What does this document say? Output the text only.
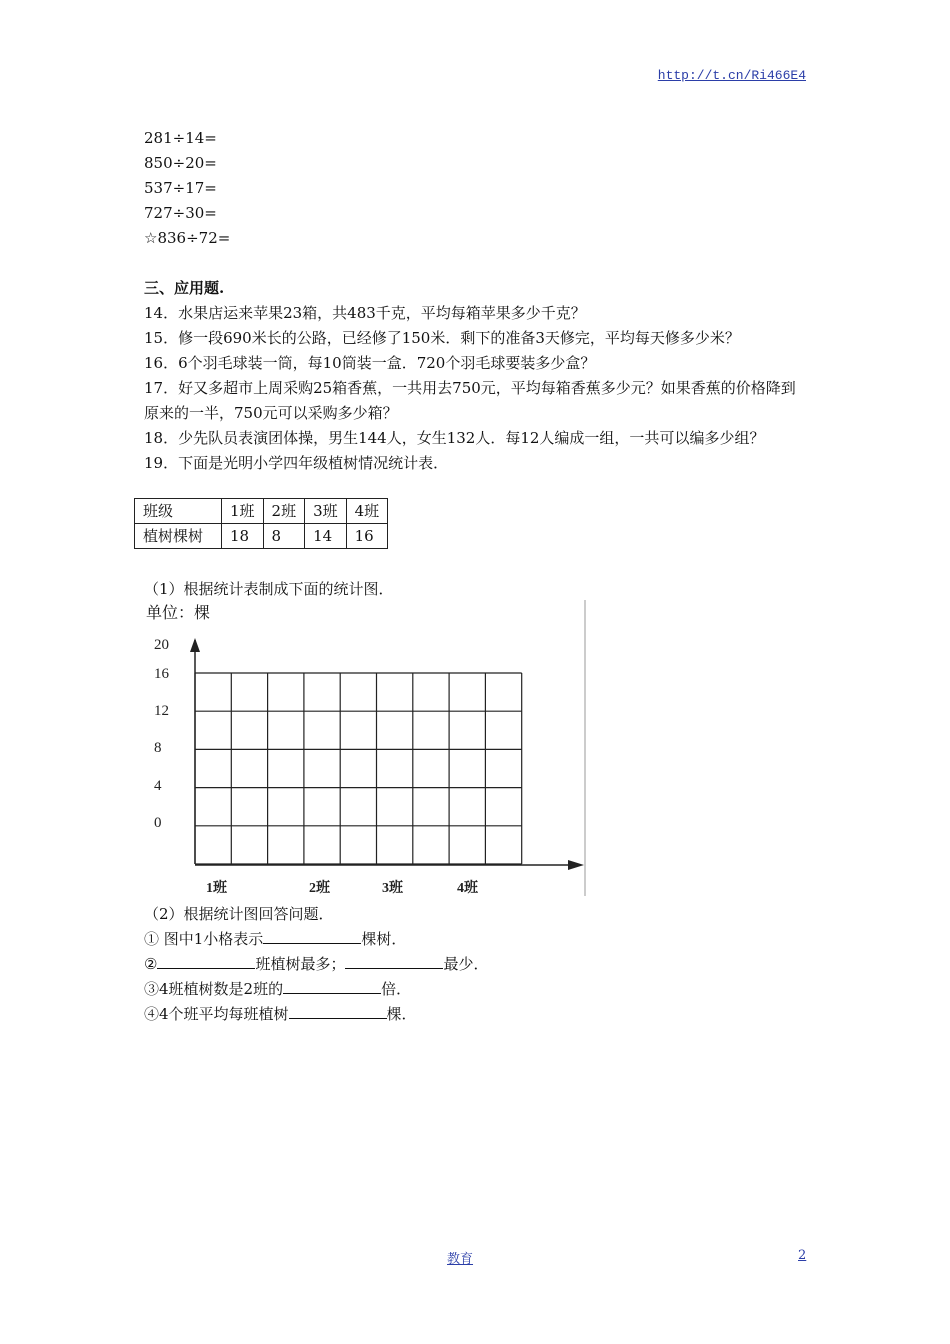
http://t.cn/Ri466E4
281÷14=
850÷20=
537÷17=
727÷30=
☆836÷72=
三、应用题.
14．水果店运来苹果23箱，共483千克，平均每箱苹果多少千克？
15．修一段690米长的公路，已经修了150米．剩下的准备3天修完，平均每天修多少米？
16．6个羽毛球装一筒，每10筒装一盒．720个羽毛球要装多少盒？
17．好又多超市上周采购25箱香蕉，一共用去750元，平均每箱香蕉多少元？如果香蕉的价格降到原来的一半，750元可以采购多少箱？
18．少先队员表演团体操，男生144人，女生132人．每12人编成一组，一共可以编多少组？
19．下面是光明小学四年级植树情况统计表．
班级	1班	2班	3班	4班
植树棵树	18	8	14	16
（1）根据统计表制成下面的统计图．
单位：棵
20
16
12
8
4
0
1班	2班	3班	4班
（2）根据统计图回答问题．
① 图中1小格表示	棵树．
②	班植树最多；	最少．
③4班植树数是2班的	倍．
④4个班平均每班植树	棵．
教育	2
